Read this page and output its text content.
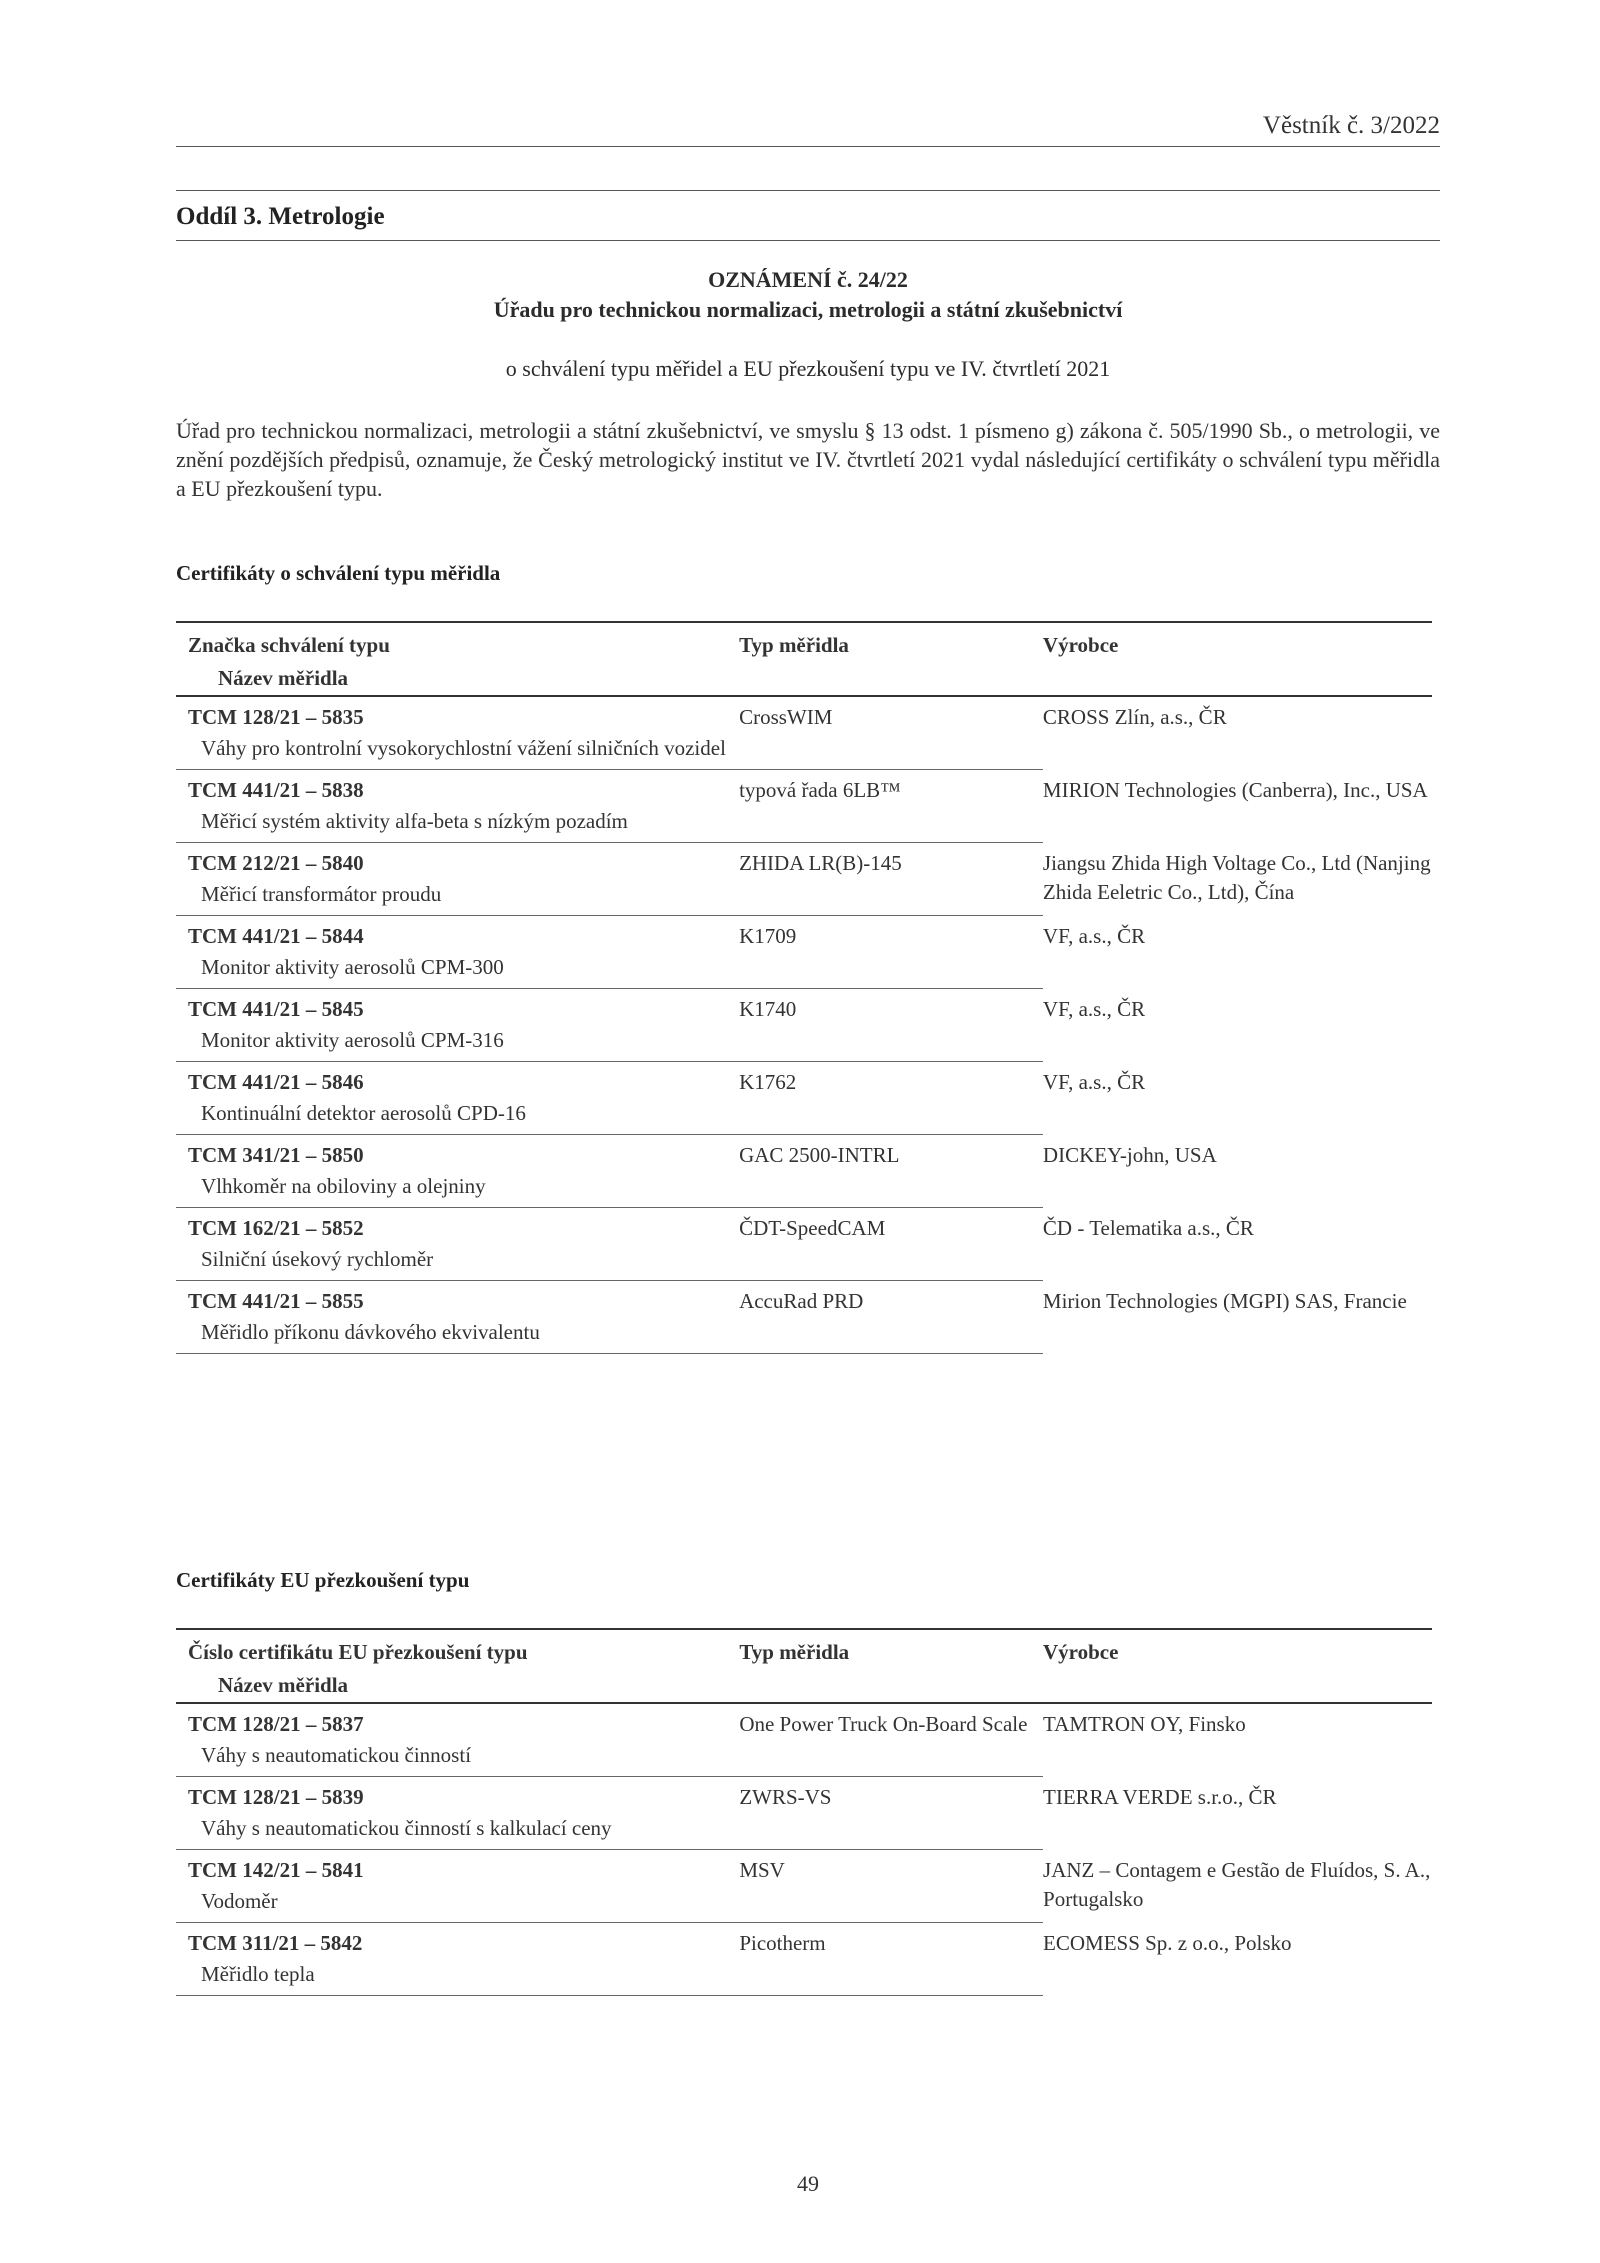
Věstník č. 3/2022
Oddíl 3. Metrologie
OZNÁMENÍ č. 24/22
Úřadu pro technickou normalizaci, metrologii a státní zkušebnictví
o schválení typu měřidel a EU přezkoušení typu ve IV. čtvrtletí 2021
Úřad pro technickou normalizaci, metrologii a státní zkušebnictví, ve smyslu § 13 odst. 1 písmeno g) zákona č. 505/1990 Sb., o metrologii, ve znění pozdějších předpisů, oznamuje, že Český metrologický institut ve IV. čtvrtletí 2021 vydal následující certifikáty o schválení typu měřidla a EU přezkoušení typu.
Certifikáty o schválení typu měřidla
Značka schválení typu	Typ měřidla	Výrobce
Název měřidla		
TCM 128/21 – 5835	CrossWIM	CROSS Zlín, a.s., ČR
Váhy pro kontrolní vysokorychlostní vážení silničních vozidel		
TCM 441/21 – 5838	typová řada 6LB™	MIRION Technologies (Canberra), Inc., USA
Měřicí systém aktivity alfa-beta s nízkým pozadím		
TCM 212/21 – 5840	ZHIDA LR(B)-145	Jiangsu Zhida High Voltage Co., Ltd (Nanjing Zhida Eeletric Co., Ltd), Čína
Měřicí transformátor proudu		
TCM 441/21 – 5844	K1709	VF, a.s., ČR
Monitor aktivity aerosolů CPM-300		
TCM 441/21 – 5845	K1740	VF, a.s., ČR
Monitor aktivity aerosolů CPM-316		
TCM 441/21 – 5846	K1762	VF, a.s., ČR
Kontinuální detektor aerosolů CPD-16		
TCM 341/21 – 5850	GAC 2500-INTRL	DICKEY-john, USA
Vlhkoměr na obiloviny a olejniny		
TCM 162/21 – 5852	ČDT-SpeedCAM	ČD - Telematika a.s., ČR
Silniční úsekový rychloměr		
TCM 441/21 – 5855	AccuRad PRD	Mirion Technologies (MGPI) SAS, Francie
Měřidlo příkonu dávkového ekvivalentu		
Certifikáty EU přezkoušení typu
Číslo certifikátu EU přezkoušení typu	Typ měřidla	Výrobce
Název měřidla		
TCM 128/21 – 5837	One Power Truck On-Board Scale	TAMTRON OY, Finsko
Váhy s neautomatickou činností		
TCM 128/21 – 5839	ZWRS-VS	TIERRA VERDE s.r.o., ČR
Váhy s neautomatickou činností s kalkulací ceny		
TCM 142/21 – 5841	MSV	JANZ – Contagem e Gestão de Fluídos, S. A., Portugalsko
Vodoměr		
TCM 311/21 – 5842	Picotherm	ECOMESS Sp. z o.o., Polsko
Měřidlo tepla		
49
